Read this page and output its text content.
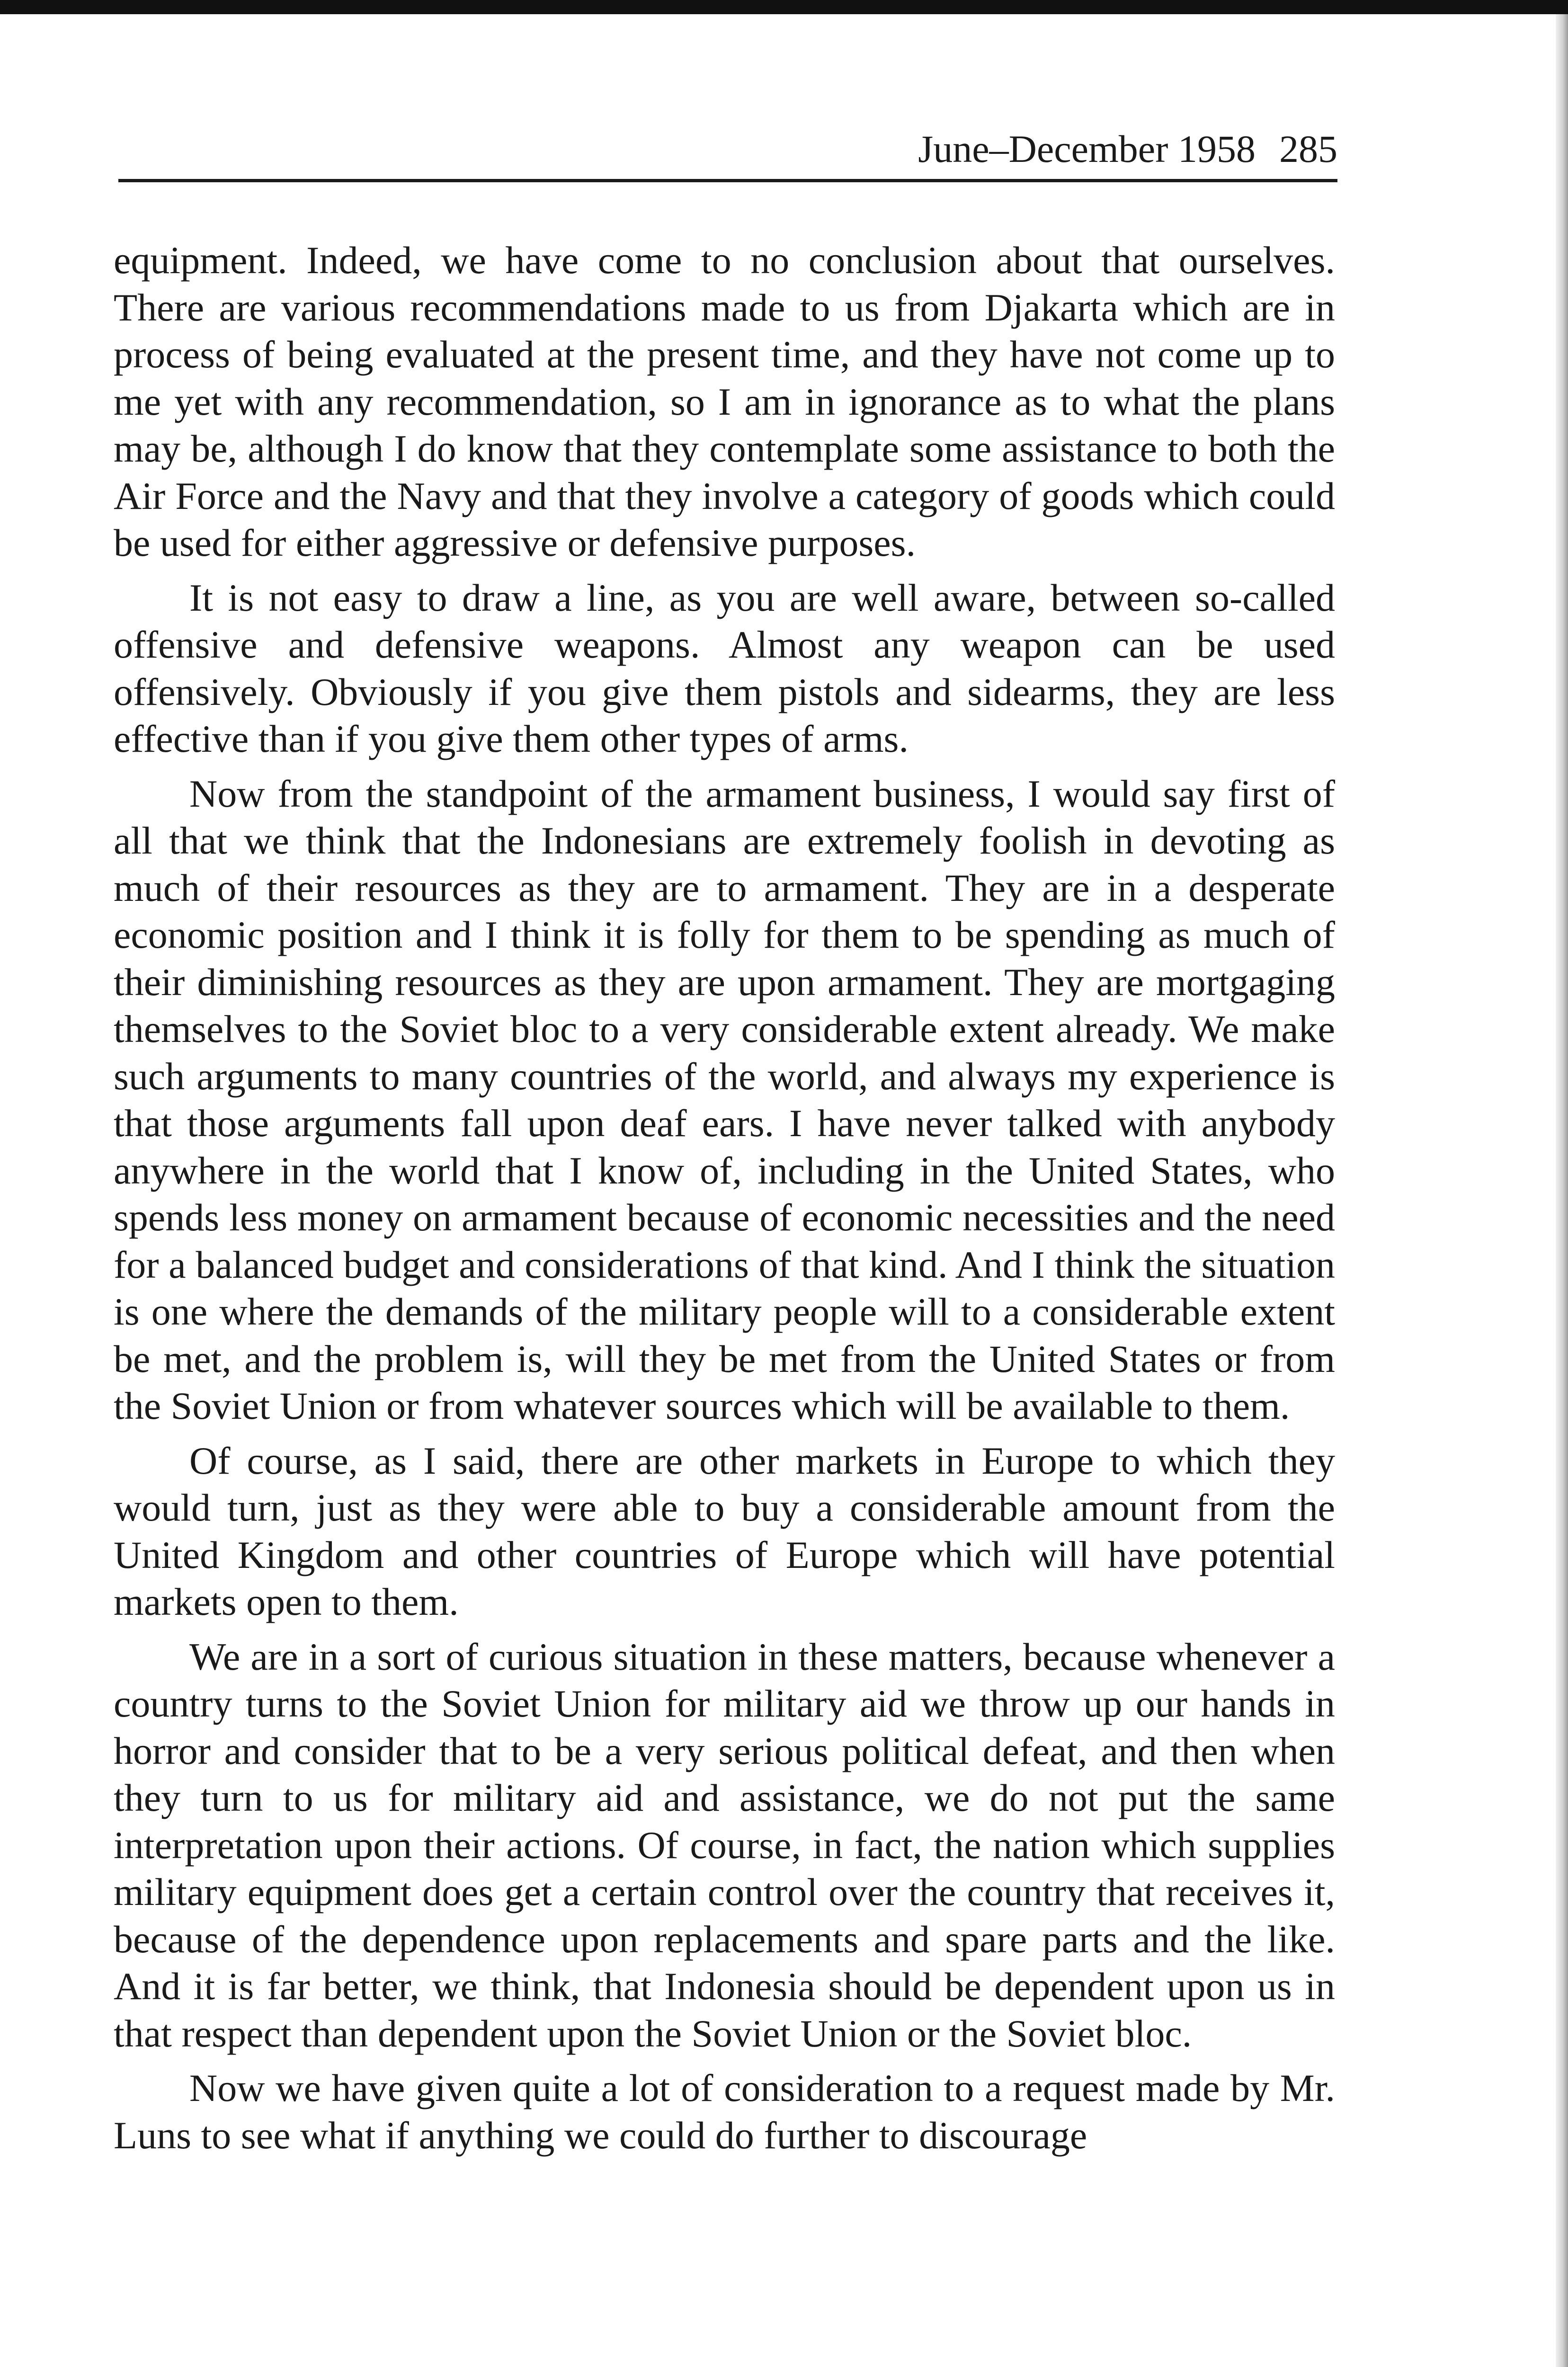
June–December 1958 285

equipment. Indeed, we have come to no conclusion about that ourselves. There are various recommendations made to us from Djakarta which are in process of being evaluated at the present time, and they have not come up to me yet with any recommendation, so I am in ignorance as to what the plans may be, although I do know that they contemplate some assistance to both the Air Force and the Navy and that they involve a category of goods which could be used for either aggressive or defensive purposes.

It is not easy to draw a line, as you are well aware, between so-called offensive and defensive weapons. Almost any weapon can be used offensively. Obviously if you give them pistols and sidearms, they are less effective than if you give them other types of arms.

Now from the standpoint of the armament business, I would say first of all that we think that the Indonesians are extremely foolish in devoting as much of their resources as they are to armament. They are in a desperate economic position and I think it is folly for them to be spending as much of their diminishing resources as they are upon armament. They are mortgaging themselves to the Soviet bloc to a very considerable extent already. We make such arguments to many countries of the world, and always my experience is that those arguments fall upon deaf ears. I have never talked with anybody anywhere in the world that I know of, including in the United States, who spends less money on armament because of economic necessities and the need for a balanced budget and considerations of that kind. And I think the situation is one where the demands of the military people will to a considerable extent be met, and the problem is, will they be met from the United States or from the Soviet Union or from whatever sources which will be available to them.

Of course, as I said, there are other markets in Europe to which they would turn, just as they were able to buy a considerable amount from the United Kingdom and other countries of Europe which will have potential markets open to them.

We are in a sort of curious situation in these matters, because whenever a country turns to the Soviet Union for military aid we throw up our hands in horror and consider that to be a very serious political defeat, and then when they turn to us for military aid and assistance, we do not put the same interpretation upon their actions. Of course, in fact, the nation which supplies military equipment does get a certain control over the country that receives it, because of the dependence upon replacements and spare parts and the like. And it is far better, we think, that Indonesia should be dependent upon us in that respect than dependent upon the Soviet Union or the Soviet bloc.

Now we have given quite a lot of consideration to a request made by Mr. Luns to see what if anything we could do further to discourage
